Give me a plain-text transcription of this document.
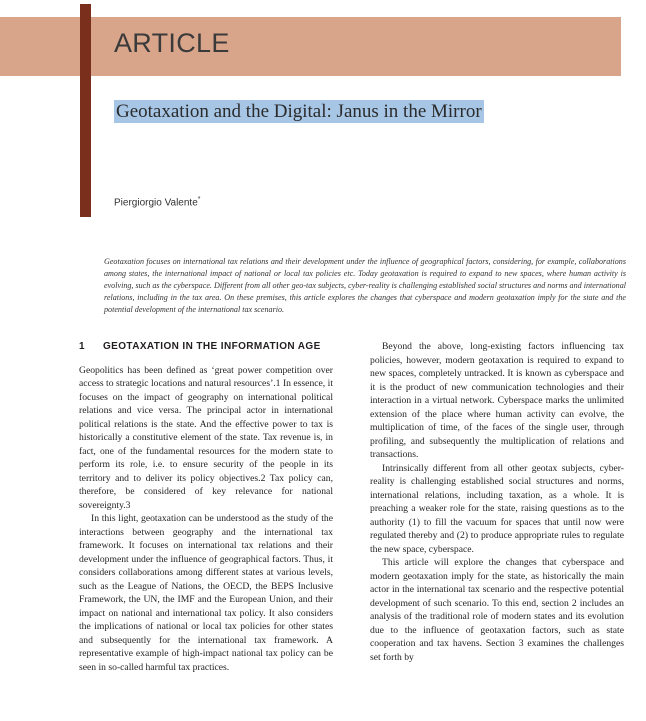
ARTICLE
Geotaxation and the Digital: Janus in the Mirror
Piergiorgio Valente*
Geotaxation focuses on international tax relations and their development under the influence of geographical factors, considering, for example, collaborations among states, the international impact of national or local tax policies etc. Today geotaxation is required to expand to new spaces, where human activity is evolving, such as the cyberspace. Different from all other geo-tax subjects, cyber-reality is challenging established social structures and norms and international relations, including in the tax area. On these premises, this article explores the changes that cyberspace and modern geotaxation imply for the state and the potential development of the international tax scenario.
1 GEOTAXATION IN THE INFORMATION AGE

Geopolitics has been defined as ‘great power competition over access to strategic locations and natural resources’.1 In essence, it focuses on the impact of geography on international political relations and vice versa. The principal actor in international political relations is the state. And the effective power to tax is historically a constitutive element of the state. Tax revenue is, in fact, one of the fundamental resources for the modern state to perform its role, i.e. to ensure security of the people in its territory and to deliver its policy objectives.2 Tax policy can, therefore, be considered of key relevance for national sovereignty.3

In this light, geotaxation can be understood as the study of the interactions between geography and the international tax framework. It focuses on international tax relations and their development under the influence of geographical factors. Thus, it considers collaborations among different states at various levels, such as the League of Nations, the OECD, the BEPS Inclusive Framework, the UN, the IMF and the European Union, and their impact on national and international tax policy. It also considers the implications of national or local tax policies for other states and subsequently for the international tax framework. A representative example of high-impact national tax policy can be seen in so-called harmful tax practices.

Beyond the above, long-existing factors influencing tax policies, however, modern geotaxation is required to expand to new spaces, completely untracked. It is known as cyberspace and it is the product of new communication technologies and their interaction in a virtual network. Cyberspace marks the unlimited extension of the place where human activity can evolve, the multiplication of time, of the faces of the single user, through profiling, and subsequently the multiplication of relations and transactions.

Intrinsically different from all other geotax subjects, cyber-reality is challenging established social structures and norms, international relations, including taxation, as a whole. It is preaching a weaker role for the state, raising questions as to the authority (1) to fill the vacuum for spaces that until now were regulated thereby and (2) to produce appropriate rules to regulate the new space, cyberspace.

This article will explore the changes that cyberspace and modern geotaxation imply for the state, as historically the main actor in the international tax scenario and the respective potential development of such scenario. To this end, section 2 includes an analysis of the traditional role of modern states and its evolution due to the influence of geotaxation factors, such as state cooperation and tax havens. Section 3 examines the challenges set forth by
